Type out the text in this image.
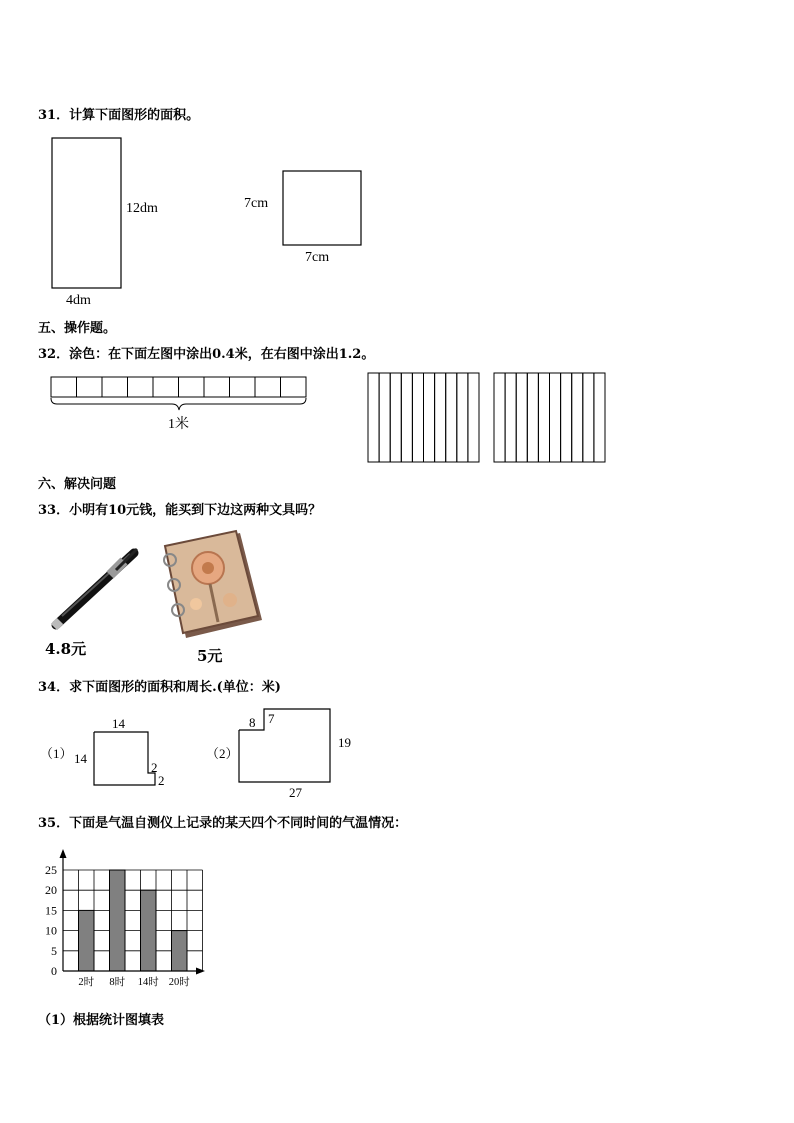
31．计算下面图形的面积。
12dm
4dm
7cm
7cm
五、操作题。
32．涂色：在下面左图中涂出0.4米，在右图中涂出1.2。
1米
六、解决问题
33．小明有10元钱，能买到下边这两种文具吗？
4.8元	5元
34．求下面图形的面积和周长.(单位：米)
（1）
14
14
2
2
（2）
8 7
19
27
35．下面是气温自测仪上记录的某天四个不同时间的气温情况：
0
5
10
15
20
25
2时 8时 14时 20时
（1）根据统计图填表
